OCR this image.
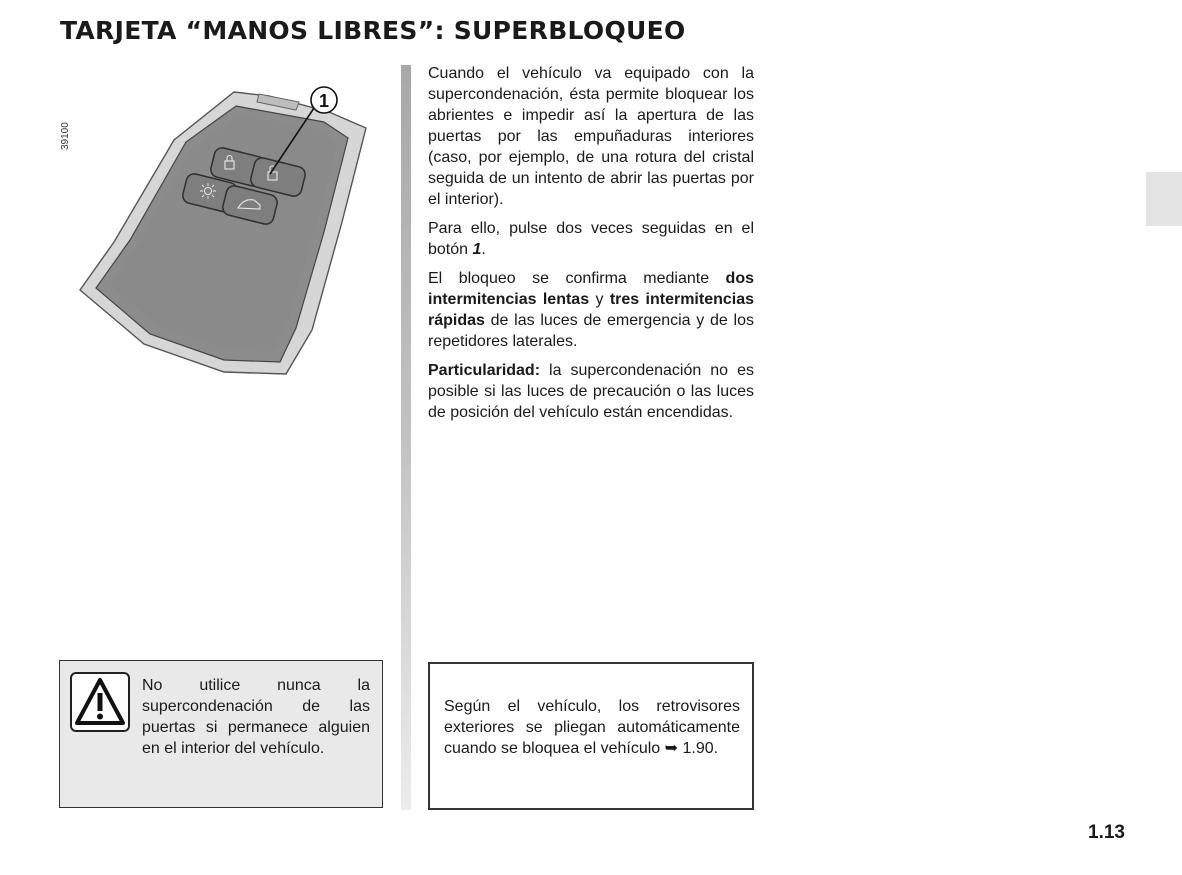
TARJETA “MANOS LIBRES”: SUPERBLOQUEO
39100
1

Cuando el vehículo va equipado con la supercondenación, ésta permite bloquear los abrientes e impedir así la apertura de las puertas por las empuñaduras interiores (caso, por ejemplo, de una rotura del cristal seguida de un intento de abrir las puertas por el interior).

Para ello, pulse dos veces seguidas en el botón 1.

El bloqueo se confirma mediante dos intermitencias lentas y tres intermitencias rápidas de las luces de emergencia y de los repetidores laterales.

Particularidad: la supercondenación no es posible si las luces de precaución o las luces de posición del vehículo están encendidas.

No utilice nunca la supercondenación de las puertas si permanece alguien en el interior del vehículo.
Según el vehículo, los retrovisores exteriores se pliegan automáticamente cuando se bloquea el vehículo ➥ 1.90.
1.13
